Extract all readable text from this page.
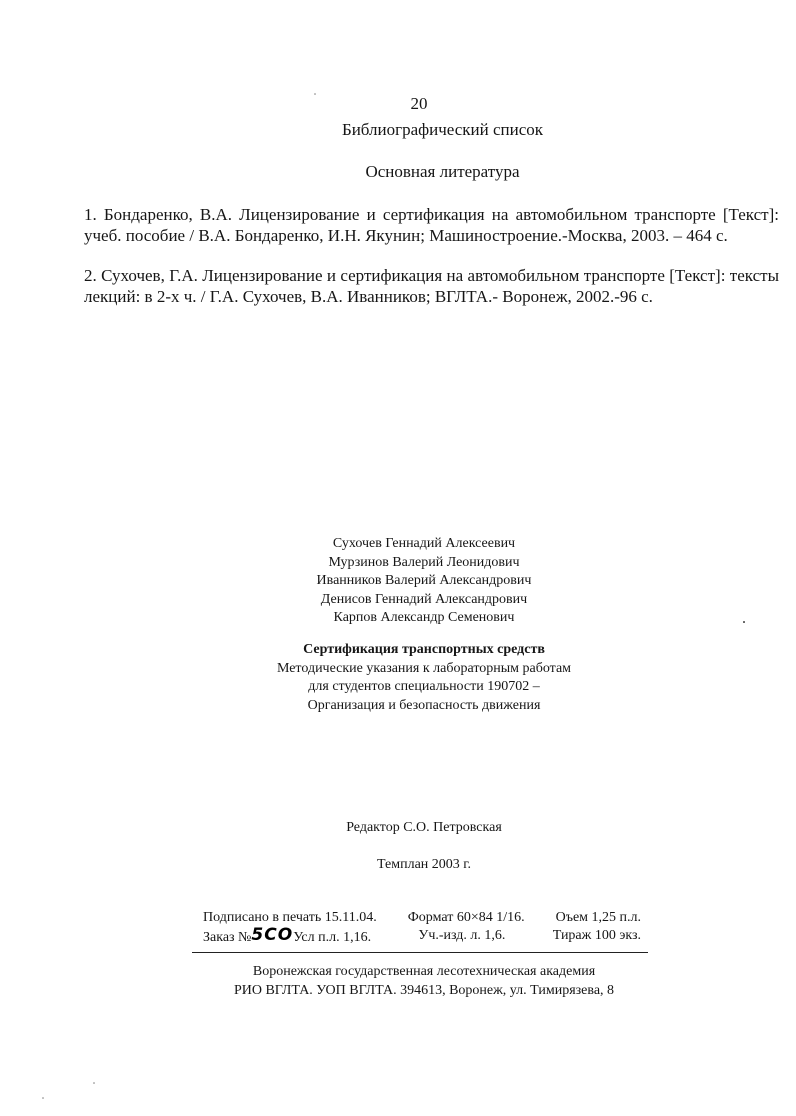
20
Библиографический список
Основная литература
1. Бондаренко, В.А. Лицензирование и сертификация на автомобильном транспорте [Текст]: учеб. пособие / В.А. Бондаренко, И.Н. Якунин; Машиностроение.-Москва, 2003. – 464 с.
2. Сухочев, Г.А. Лицензирование и сертификация на автомобильном транспорте [Текст]: тексты лекций: в 2-х ч. / Г.А. Сухочев, В.А. Иванников; ВГЛТА.- Воронеж, 2002.-96 с.
Сухочев Геннадий Алексеевич
Мурзинов Валерий Леонидович
Иванников Валерий Александрович
Денисов Геннадий Александрович
Карпов Александр Семенович
Сертификация транспортных средств
Методические указания к лабораторным работам
для студентов специальности 190702 –
Организация и безопасность движения
Редактор С.О. Петровская
Темплан 2003 г.
Подписано в печать 15.11.04. Формат 60×84 1/16. Оъем 1,25 п.л.
Заказ №5СОУсл п.л. 1,16.	Уч.-изд. л. 1,6.	Тираж 100 экз.
Воронежская государственная лесотехническая академия
РИО ВГЛТА. УОП ВГЛТА. 394613, Воронеж, ул. Тимирязева, 8
